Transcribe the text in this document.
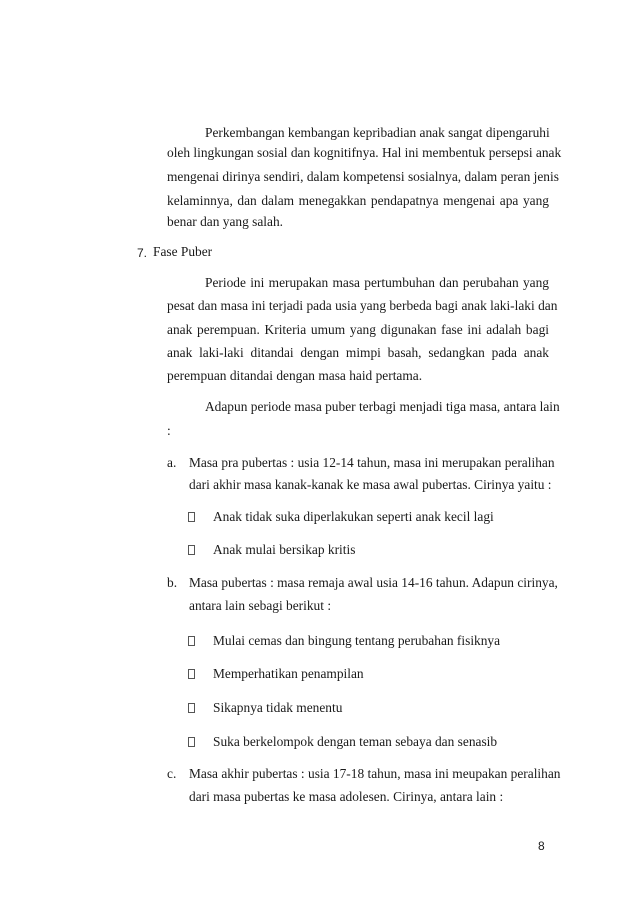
Perkembangan kembangan kepribadian anak sangat dipengaruhi
oleh lingkungan sosial dan kognitifnya. Hal ini membentuk persepsi anak
mengenai dirinya sendiri, dalam kompetensi sosialnya, dalam peran jenis
kelaminnya, dan dalam menegakkan pendapatnya mengenai apa yang
benar dan yang salah.
7. Fase Puber
Periode ini merupakan masa pertumbuhan dan perubahan yang
pesat dan masa ini terjadi pada usia yang berbeda bagi anak laki-laki dan
anak perempuan. Kriteria umum yang digunakan fase ini adalah bagi
anak laki-laki ditandai dengan mimpi basah, sedangkan pada anak
perempuan ditandai dengan masa haid pertama.
Adapun periode masa puber terbagi menjadi tiga masa, antara lain
:
a. Masa pra pubertas : usia 12-14 tahun, masa ini merupakan peralihan
dari akhir masa kanak-kanak ke masa awal pubertas. Cirinya yaitu :
Anak tidak suka diperlakukan seperti anak kecil lagi
Anak mulai bersikap kritis
b. Masa pubertas : masa remaja awal usia 14-16 tahun. Adapun cirinya,
antara lain sebagi berikut :
Mulai cemas dan bingung tentang perubahan fisiknya
Memperhatikan penampilan
Sikapnya tidak menentu
Suka berkelompok dengan teman sebaya dan senasib
c. Masa akhir pubertas : usia 17-18 tahun, masa ini meupakan peralihan
dari masa pubertas ke masa adolesen. Cirinya, antara lain :
8
